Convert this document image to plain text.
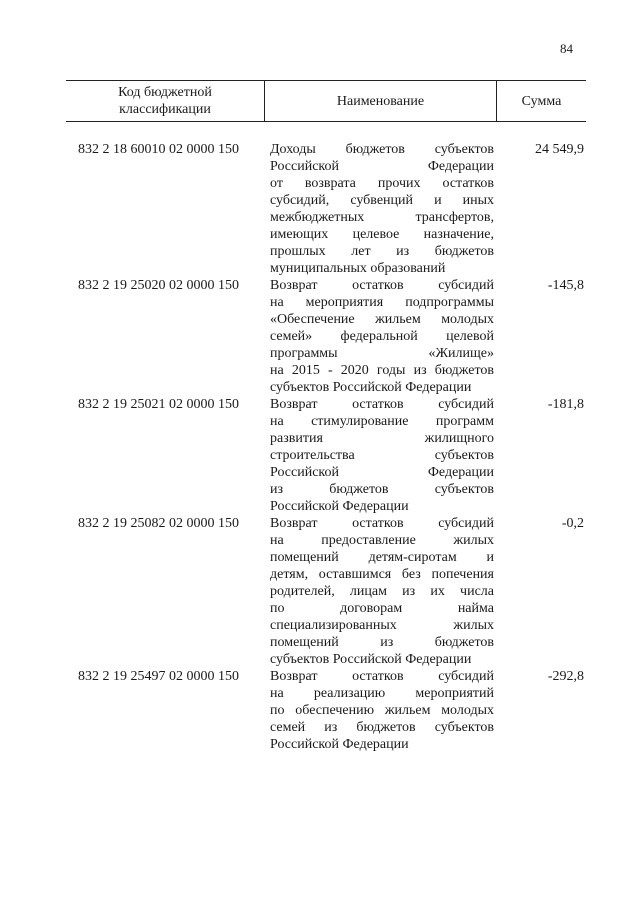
84
Код бюджетной
классификации
Наименование	Сумма
832 2 18 60010 02 0000 150 Доходы бюджетов субъектов
Российской Федерации
от возврата прочих остатков
субсидий, субвенций и иных
межбюджетных трансфертов,
имеющих целевое назначение,
прошлых лет из бюджетов
муниципальных образований
24 549,9
832 2 19 25020 02 0000 150 Возврат остатков субсидий
на мероприятия подпрограммы
«Обеспечение жильем молодых
семей» федеральной целевой
программы «Жилище»
на 2015 - 2020 годы из бюджетов
субъектов Российской Федерации
-145,8
832 2 19 25021 02 0000 150 Возврат остатков субсидий
на стимулирование программ
развития жилищного
строительства субъектов
Российской Федерации
из бюджетов субъектов
Российской Федерации
-181,8
832 2 19 25082 02 0000 150 Возврат остатков субсидий
на предоставление жилых
помещений детям-сиротам и
детям, оставшимся без попечения
родителей, лицам из их числа
по договорам найма
специализированных жилых
помещений из бюджетов
субъектов Российской Федерации
-0,2
832 2 19 25497 02 0000 150 Возврат остатков субсидий
на реализацию мероприятий
по обеспечению жильем молодых
семей из бюджетов субъектов
Российской Федерации
-292,8
